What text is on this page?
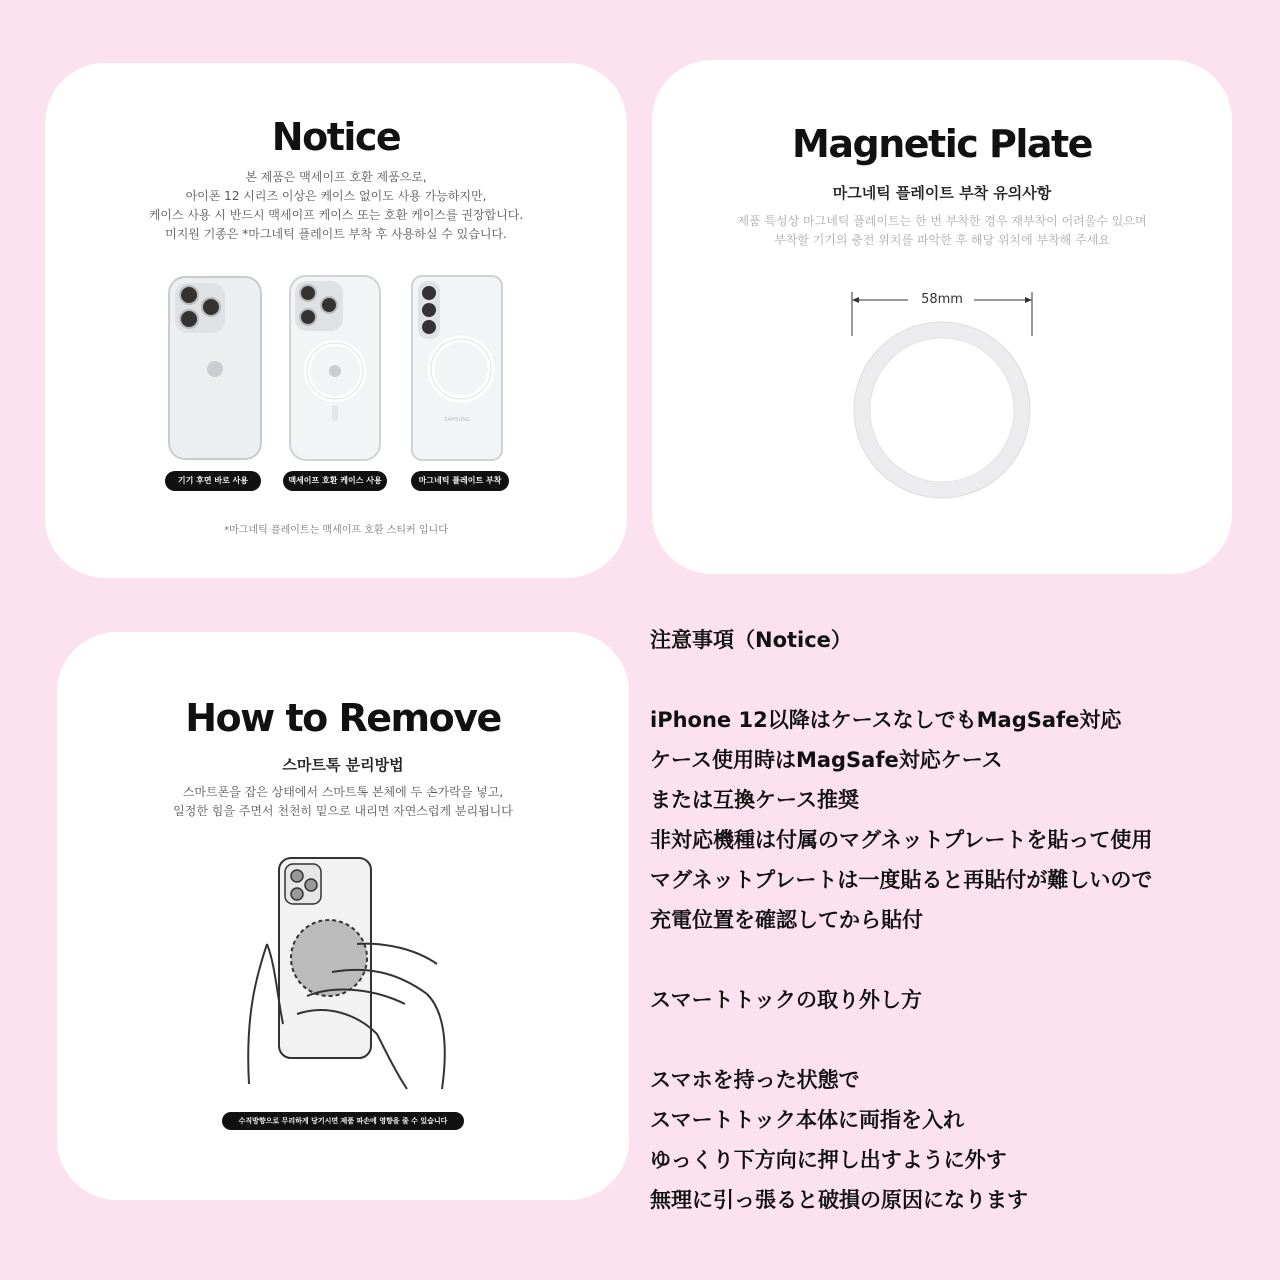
Notice
본 제품은 맥세이프 호환 제품으로,
아이폰 12 시리즈 이상은 케이스 없이도 사용 가능하지만,
케이스 사용 시 반드시 맥세이프 케이스 또는 호환 케이스를 권장합니다.
미지원 기종은 *마그네틱 플레이트 부착 후 사용하실 수 있습니다.
기기 후면 바로 사용	맥세이프 호환 케이스 사용
SAMSUNG
마그네틱 플레이트 부착
*마그네틱 플레이트는 맥세이프 호환 스티커 입니다
Magnetic Plate
마그네틱 플레이트 부착 유의사항
제품 특성상 마그네틱 플레이트는 한 번 부착한 경우 재부착이 어려울수 있으며
부착할 기기의 충전 위치를 파악한 후 해당 위치에 부착해 주세요
58mm
How to Remove
스마트톡 분리방법
스마트폰을 잡은 상태에서 스마트톡 본체에 두 손가락을 넣고,
일정한 힘을 주면서 천천히 밑으로 내리면 자연스럽게 분리됩니다
수직방향으로 무리하게 당기시면 제품 파손에 영향을 줄 수 있습니다
注意事項（Notice）
iPhone 12以降はケースなしでもMagSafe対応
ケース使用時はMagSafe対応ケース
または互換ケース推奨
非対応機種は付属のマグネットプレートを貼って使用
マグネットプレートは一度貼ると再貼付が難しいので
充電位置を確認してから貼付
スマートトックの取り外し方
スマホを持った状態で
スマートトック本体に両指を入れ
ゆっくり下方向に押し出すように外す
無理に引っ張ると破損の原因になります
